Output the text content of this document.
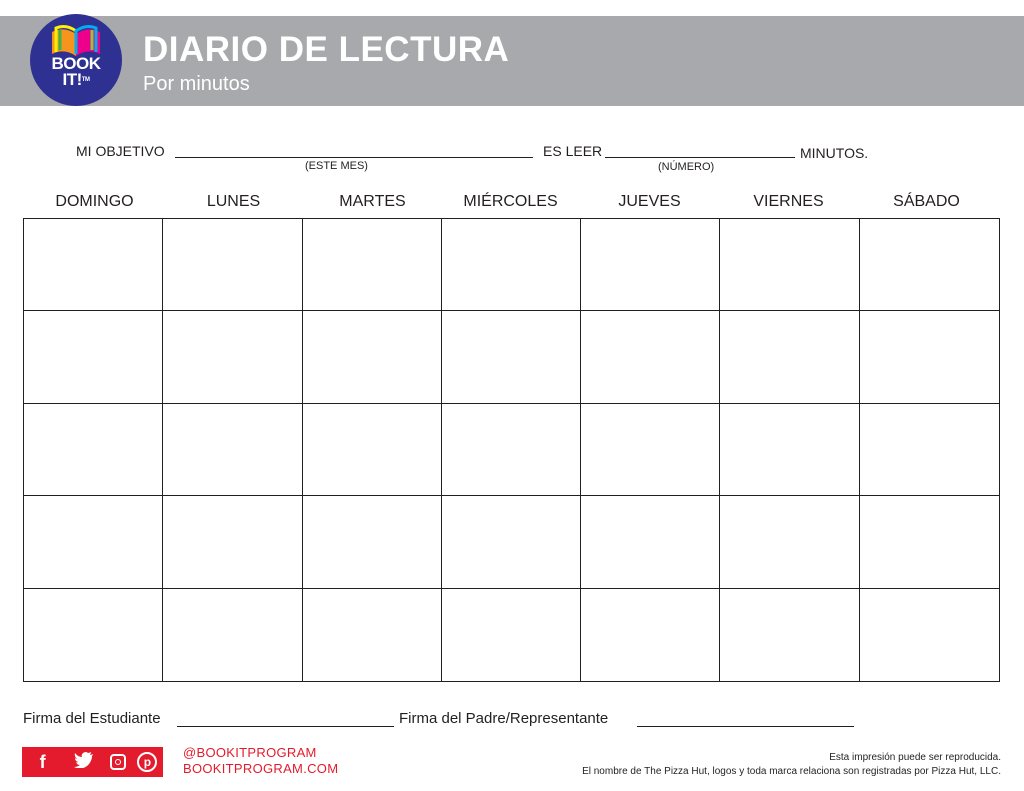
BOOK
IT!™
DIARIO DE LECTURA
Por minutos
MI OBJETIVO
(ESTE MES)
ES LEER
(NÚMERO)
MINUTOS.
DOMINGO	LUNES	MARTES	MIÉRCOLES	JUEVES	VIERNES	SÁBADO
Firma del Estudiante	Firma del Padre/Representante
f	p
@BOOKITPROGRAM
BOOKITPROGRAM.COM
Esta impresión puede ser reproducida.
El nombre de The Pizza Hut, logos y toda marca relaciona son registradas por Pizza Hut, LLC.
